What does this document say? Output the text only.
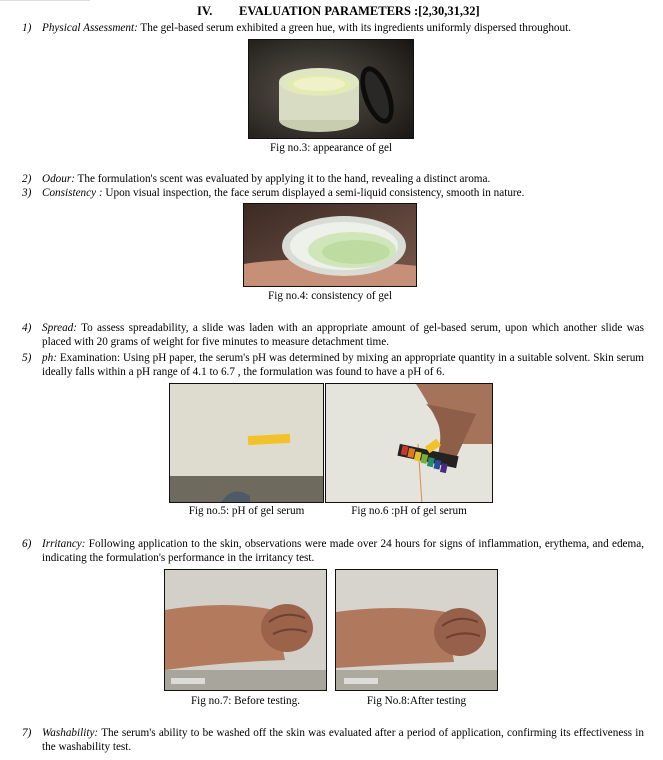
IV. EVALUATION PARAMETERS :[2,30,31,32]
1) Physical Assessment: The gel-based serum exhibited a green hue, with its ingredients uniformly dispersed throughout.
Fig no.3: appearance of gel
2) Odour: The formulation's scent was evaluated by applying it to the hand, revealing a distinct aroma.
3) Consistency : Upon visual inspection, the face serum displayed a semi-liquid consistency, smooth in nature.
Fig no.4: consistency of gel
4) Spread: To assess spreadability, a slide was laden with an appropriate amount of gel-based serum, upon which another slide was placed with 20 grams of weight for five minutes to measure detachment time.
5) ph: Examination: Using pH paper, the serum's pH was determined by mixing an appropriate quantity in a suitable solvent. Skin serum ideally falls within a pH range of 4.1 to 6.7 , the formulation was found to have a pH of 6.
Fig no.5: pH of gel serum	Fig no.6 :pH of gel serum
6) Irritancy: Following application to the skin, observations were made over 24 hours for signs of inflammation, erythema, and edema, indicating the formulation's performance in the irritancy test.
Fig no.7: Before testing.	Fig No.8:After testing
7) Washability: The serum's ability to be washed off the skin was evaluated after a period of application, confirming its effectiveness in the washability test.
